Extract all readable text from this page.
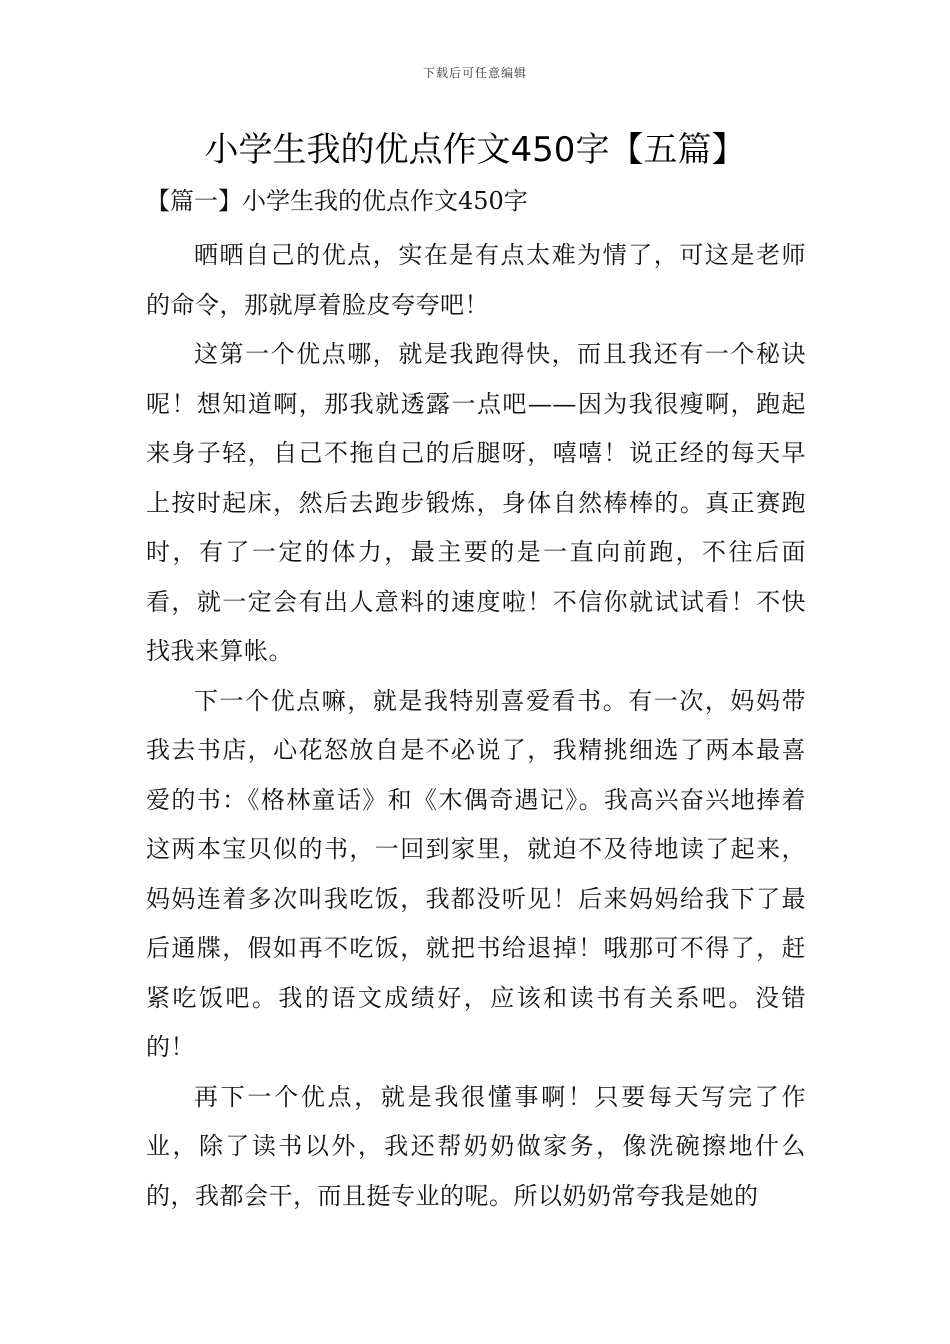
下载后可任意编辑
小学生我的优点作文450字【五篇】
【篇一】小学生我的优点作文450字

晒晒自己的优点，实在是有点太难为情了，可这是老师的命令，那就厚着脸皮夸夸吧！

这第一个优点哪，就是我跑得快，而且我还有一个秘诀呢！想知道啊，那我就透露一点吧——因为我很瘦啊，跑起来身子轻，自己不拖自己的后腿呀，嘻嘻！说正经的每天早上按时起床，然后去跑步锻炼，身体自然棒棒的。真正赛跑时，有了一定的体力，最主要的是一直向前跑，不往后面看，就一定会有出人意料的速度啦！不信你就试试看！不快找我来算帐。

下一个优点嘛，就是我特别喜爱看书。有一次，妈妈带我去书店，心花怒放自是不必说了，我精挑细选了两本最喜爱的书：《格林童话》和《木偶奇遇记》。我高兴奋兴地捧着这两本宝贝似的书，一回到家里，就迫不及待地读了起来，妈妈连着多次叫我吃饭，我都没听见！后来妈妈给我下了最后通牒，假如再不吃饭，就把书给退掉！哦那可不得了，赶紧吃饭吧。我的语文成绩好，应该和读书有关系吧。没错的！

再下一个优点，就是我很懂事啊！只要每天写完了作业，除了读书以外，我还帮奶奶做家务，像洗碗擦地什么的，我都会干，而且挺专业的呢。所以奶奶常夸我是她的
